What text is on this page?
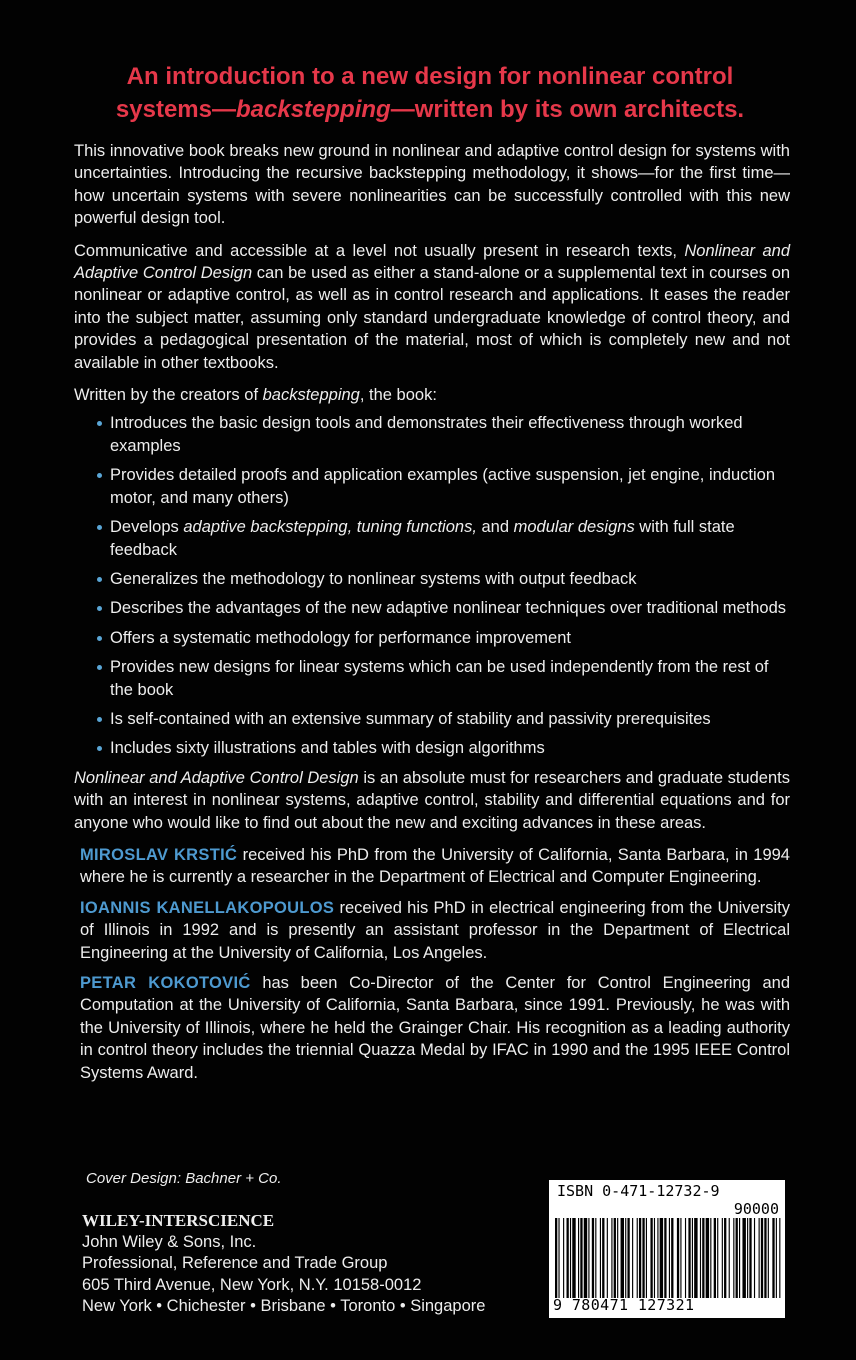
An introduction to a new design for nonlinear control
systems—backstepping—written by its own architects.

This innovative book breaks new ground in nonlinear and adaptive control design for systems with uncertainties. Introducing the recursive backstepping methodology, it shows—for the first time—how uncertain systems with severe nonlinearities can be successfully controlled with this new powerful design tool.

Communicative and accessible at a level not usually present in research texts, Nonlinear and Adaptive Control Design can be used as either a stand-alone or a supplemental text in courses on nonlinear or adaptive control, as well as in control research and applications. It eases the reader into the subject matter, assuming only standard undergraduate knowledge of control theory, and provides a pedagogical presentation of the material, most of which is completely new and not available in other textbooks.

Written by the creators of backstepping, the book:

Introduces the basic design tools and demonstrates their effectiveness through worked examples
Provides detailed proofs and application examples (active suspension, jet engine, induction motor, and many others)
Develops adaptive backstepping, tuning functions, and modular designs with full state feedback
Generalizes the methodology to nonlinear systems with output feedback
Describes the advantages of the new adaptive nonlinear techniques over traditional methods
Offers a systematic methodology for performance improvement
Provides new designs for linear systems which can be used independently from the rest of the book
Is self-contained with an extensive summary of stability and passivity prerequisites
Includes sixty illustrations and tables with design algorithms

Nonlinear and Adaptive Control Design is an absolute must for researchers and graduate students with an interest in nonlinear systems, adaptive control, stability and differential equations and for anyone who would like to find out about the new and exciting advances in these areas.

MIROSLAV KRSTIĆ received his PhD from the University of California, Santa Barbara, in 1994 where he is currently a researcher in the Department of Electrical and Computer Engineering.

IOANNIS KANELLAKOPOULOS received his PhD in electrical engineering from the University of Illinois in 1992 and is presently an assistant professor in the Department of Electrical Engineering at the University of California, Los Angeles.

PETAR KOKOTOVIĆ has been Co-Director of the Center for Control Engineering and Computation at the University of California, Santa Barbara, since 1991. Previously, he was with the University of Illinois, where he held the Grainger Chair. His recognition as a leading authority in control theory includes the triennial Quazza Medal by IFAC in 1990 and the 1995 IEEE Control Systems Award.

Cover Design: Bachner + Co.
WILEY-INTERSCIENCE
John Wiley & Sons, Inc.
Professional, Reference and Trade Group
605 Third Avenue, New York, N.Y. 10158-0012
New York • Chichester • Brisbane • Toronto • Singapore
ISBN 0-471-12732-9
90000
9 780471 127321
